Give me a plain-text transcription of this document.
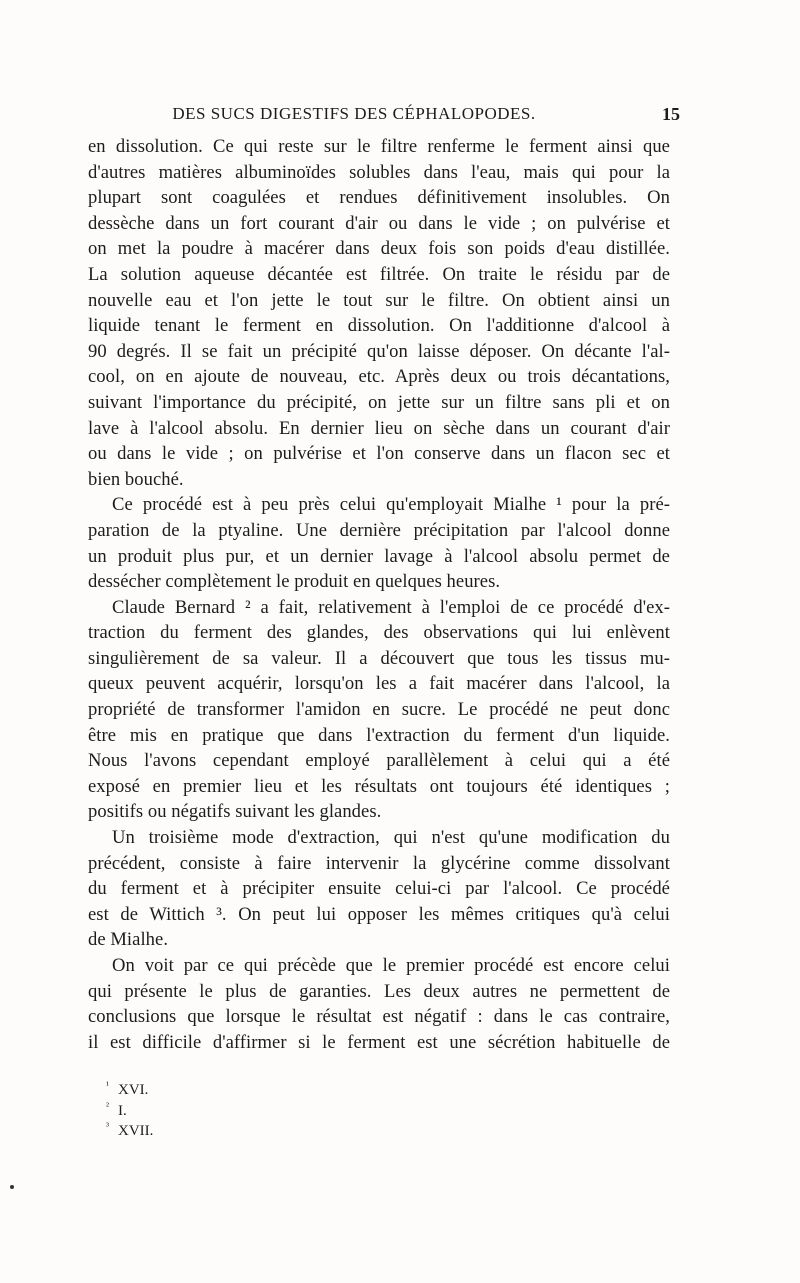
DES SUCS DIGESTIFS DES CÉPHALOPODES.	15
en dissolution. Ce qui reste sur le filtre renferme le ferment ainsi que
d'autres matières albuminoïdes solubles dans l'eau, mais qui pour la
plupart sont coagulées et rendues définitivement insolubles. On
dessèche dans un fort courant d'air ou dans le vide ; on pulvérise et
on met la poudre à macérer dans deux fois son poids d'eau distillée.
La solution aqueuse décantée est filtrée. On traite le résidu par de
nouvelle eau et l'on jette le tout sur le filtre. On obtient ainsi un
liquide tenant le ferment en dissolution. On l'additionne d'alcool à
90 degrés. Il se fait un précipité qu'on laisse déposer. On décante l'al-
cool, on en ajoute de nouveau, etc. Après deux ou trois décantations,
suivant l'importance du précipité, on jette sur un filtre sans pli et on
lave à l'alcool absolu. En dernier lieu on sèche dans un courant d'air
ou dans le vide ; on pulvérise et l'on conserve dans un flacon sec et
bien bouché.
Ce procédé est à peu près celui qu'employait Mialhe ¹ pour la pré-
paration de la ptyaline. Une dernière précipitation par l'alcool donne
un produit plus pur, et un dernier lavage à l'alcool absolu permet de
dessécher complètement le produit en quelques heures.
Claude Bernard ² a fait, relativement à l'emploi de ce procédé d'ex-
traction du ferment des glandes, des observations qui lui enlèvent
singulièrement de sa valeur. Il a découvert que tous les tissus mu-
queux peuvent acquérir, lorsqu'on les a fait macérer dans l'alcool, la
propriété de transformer l'amidon en sucre. Le procédé ne peut donc
être mis en pratique que dans l'extraction du ferment d'un liquide.
Nous l'avons cependant employé parallèlement à celui qui a été
exposé en premier lieu et les résultats ont toujours été identiques ;
positifs ou négatifs suivant les glandes.
Un troisième mode d'extraction, qui n'est qu'une modification du
précédent, consiste à faire intervenir la glycérine comme dissolvant
du ferment et à précipiter ensuite celui-ci par l'alcool. Ce procédé
est de Wittich ³. On peut lui opposer les mêmes critiques qu'à celui
de Mialhe.
On voit par ce qui précède que le premier procédé est encore celui
qui présente le plus de garanties. Les deux autres ne permettent de
conclusions que lorsque le résultat est négatif : dans le cas contraire,
il est difficile d'affirmer si le ferment est une sécrétion habituelle de
¹ XVI.
² I.
³ XVII.
